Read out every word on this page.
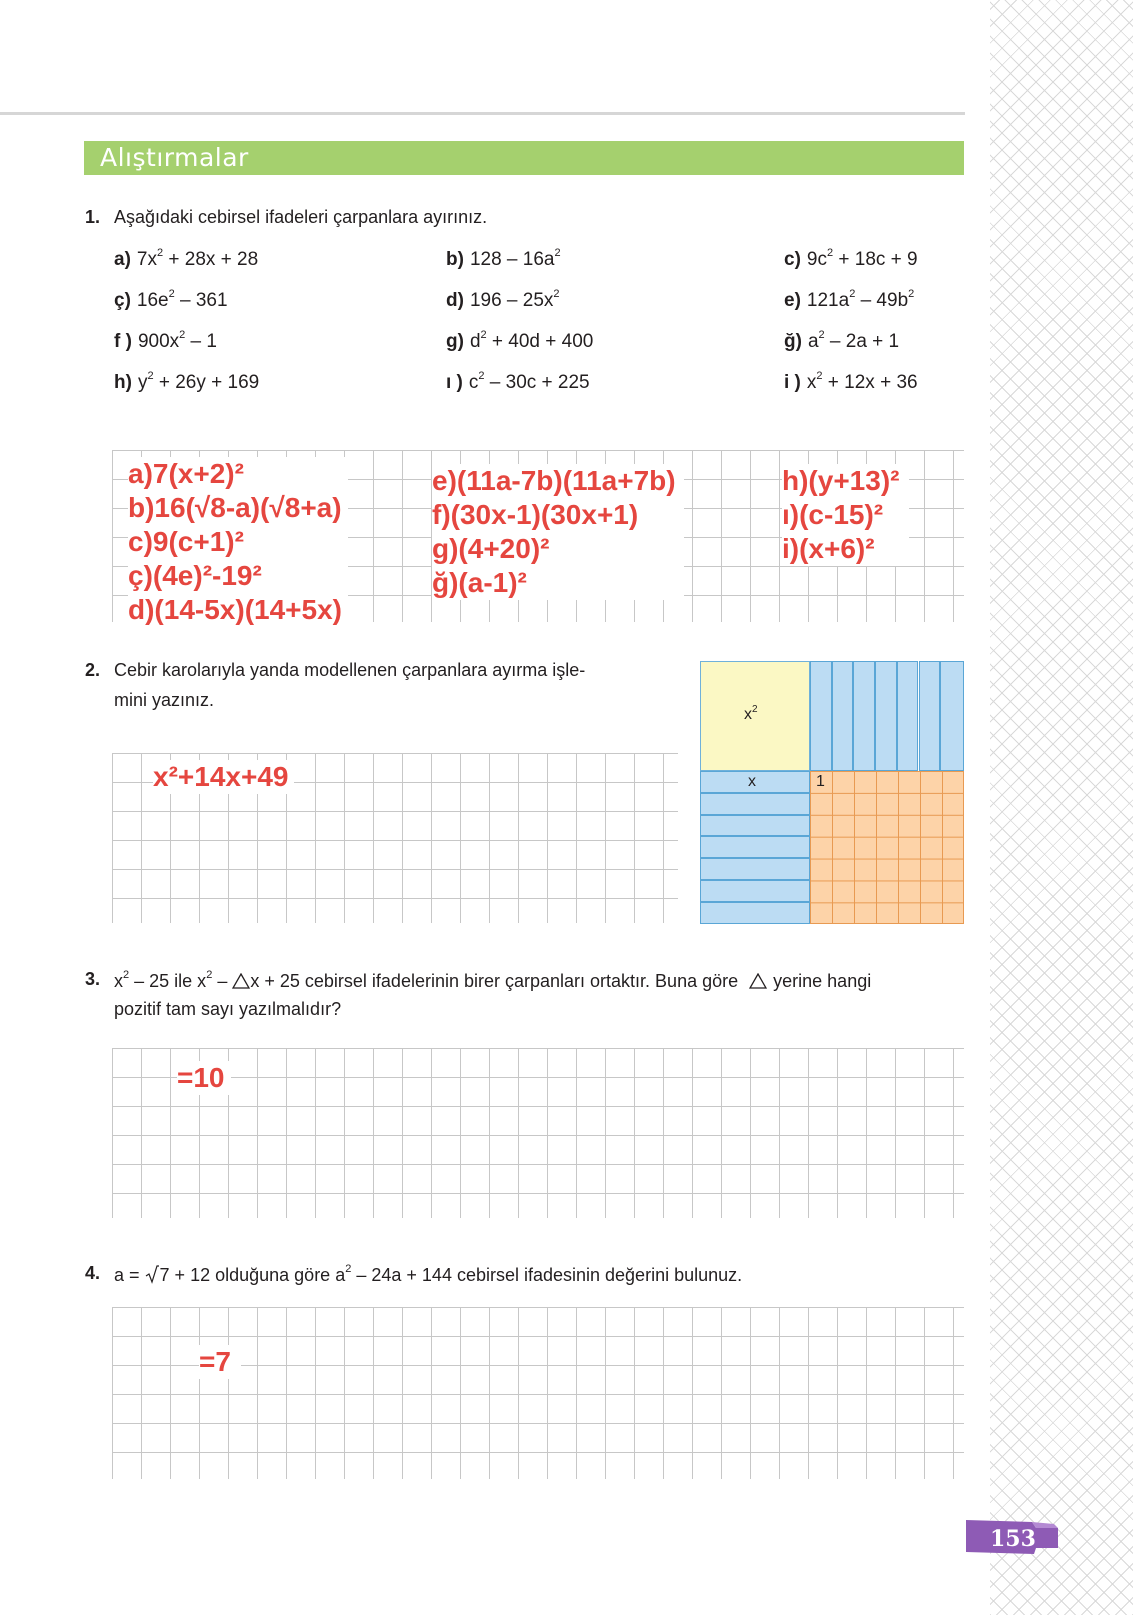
Alıştırmalar
1. Aşağıdaki cebirsel ifadeleri çarpanlara ayırınız.
a) $7x^2 + 28x + 28$	b) $128 - 16a^2$	c) $9c^2 + 18c + 9$
ç) $16e^2 - 361$	d) $196 - 25x^2$	e) $121a^2 - 49b^2$
f ) $900x^2 - 1$	g) $d^2 + 40d + 400$	ğ) $a^2 - 2a + 1$
h) $y^2 + 26y + 169$	ı ) $c^2 - 30c + 225$	i ) $x^2 + 12x + 36$
a)7(x+2)²
b)16(√8-a)(√8+a)
c)9(c+1)²
ç)(4e)²-19²
d)(14-5x)(14+5x)
e)(11a-7b)(11a+7b)
f)(30x-1)(30x+1)
g)(4+20)²
ğ)(a-1)²
h)(y+13)²
ı)(c-15)²
i)(x+6)²
2. Cebir karolarıyla yanda modellenen çarpanlara ayırma işle-
mini yazınız.
x²+14x+49
$x^2$
x	1
3. $x^2 - 25$ ile $x^2 - x + 25$ cebirsel ifadelerinin birer çarpanları ortaktır. Buna göre yerine hangi
pozitif tam sayı yazılmalıdır?
=10
4. a = 7 + 12 olduğuna göre $a^2 - 24a + 144$ cebirsel ifadesinin değerini bulunuz.
=7
153
